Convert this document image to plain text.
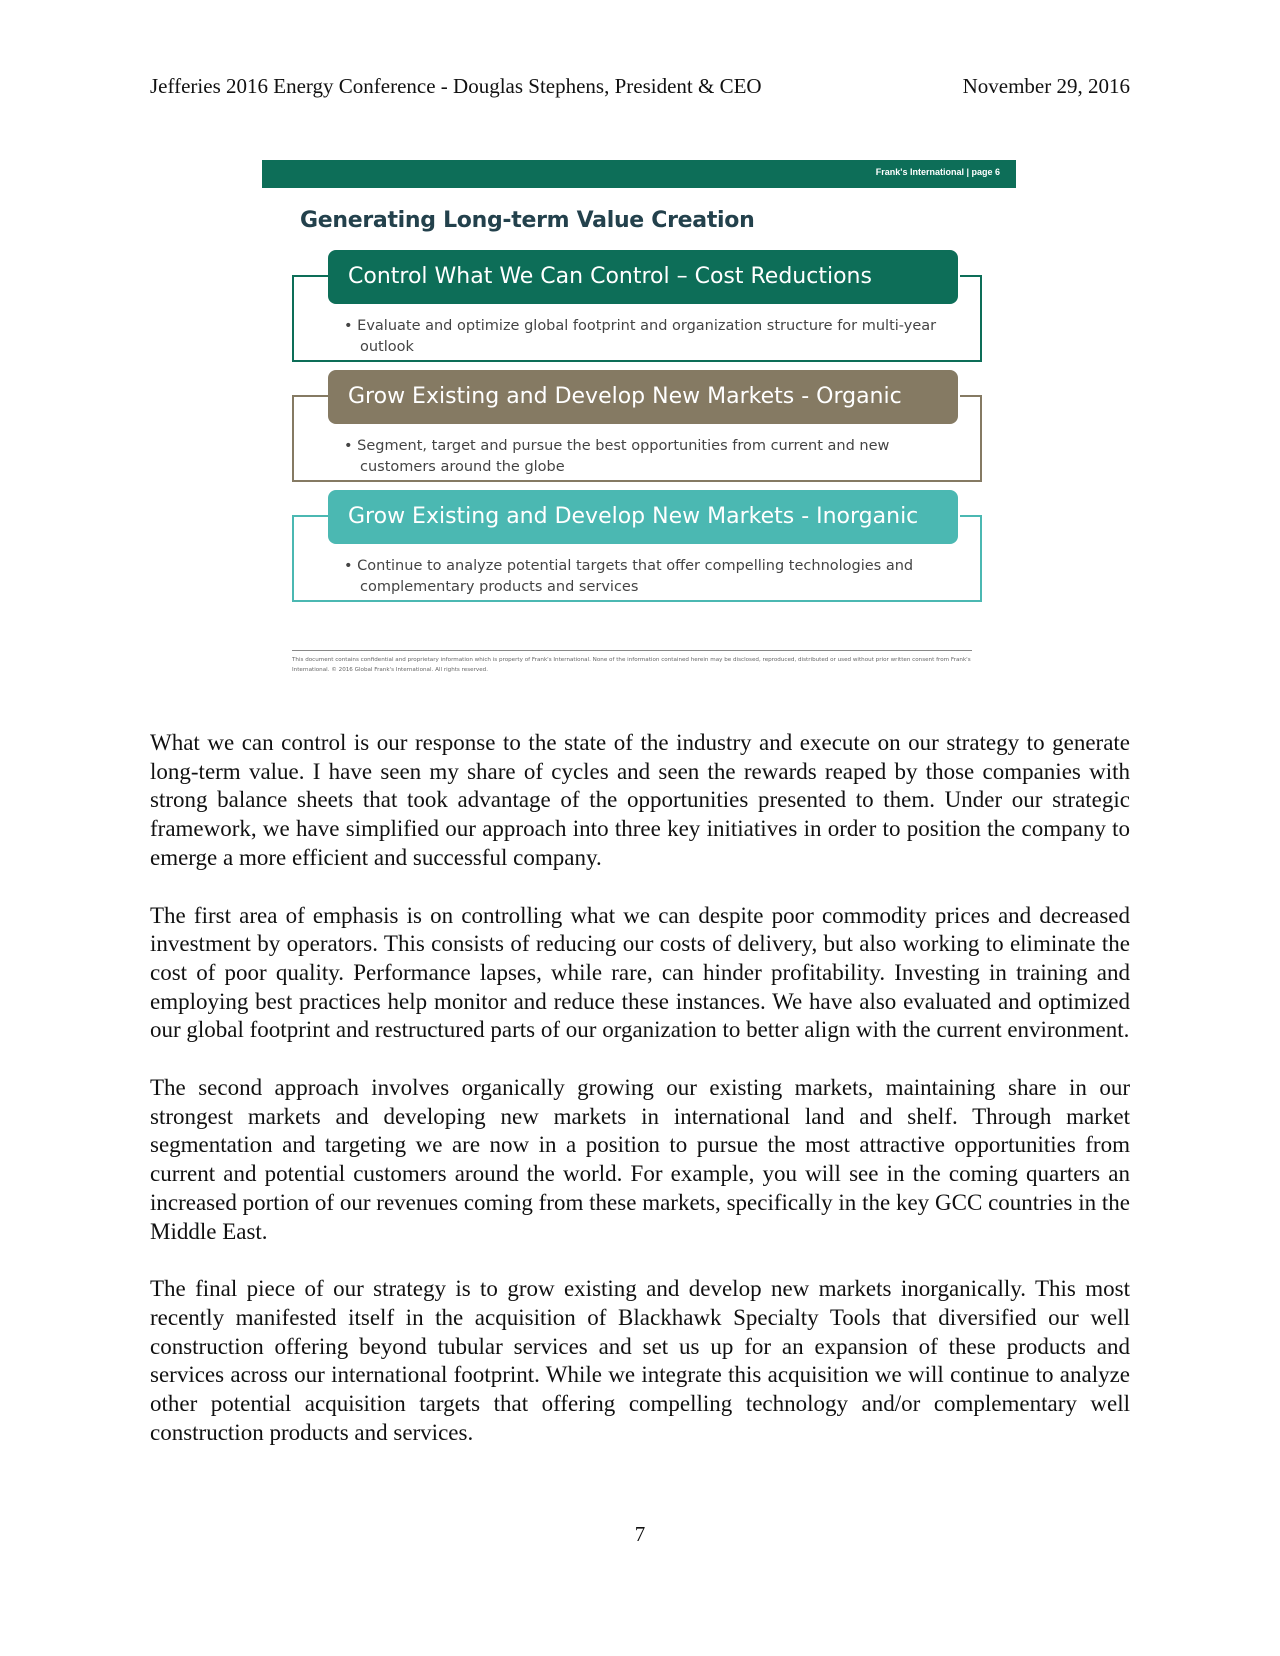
Jefferies 2016 Energy Conference - Douglas Stephens, President & CEO	November 29, 2016
Frank's International | page 6
Generating Long-term Value Creation
Control What We Can Control – Cost Reductions
• Evaluate and optimize global footprint and organization structure for multi-year outlook
Grow Existing and Develop New Markets - Organic
• Segment, target and pursue the best opportunities from current and new customers around the globe
Grow Existing and Develop New Markets - Inorganic
• Continue to analyze potential targets that offer compelling technologies and complementary products and services
This document contains confidential and proprietary information which is property of Frank's International. None of the information contained herein may be disclosed, reproduced, distributed or used without prior written consent from Frank's International. © 2016 Global Frank's International. All rights reserved.

What we can control is our response to the state of the industry and execute on our strategy to generate long-term value. I have seen my share of cycles and seen the rewards reaped by those companies with strong balance sheets that took advantage of the opportunities presented to them. Under our strategic framework, we have simplified our approach into three key initiatives in order to position the company to emerge a more efficient and successful company.

The first area of emphasis is on controlling what we can despite poor commodity prices and decreased investment by operators. This consists of reducing our costs of delivery, but also working to eliminate the cost of poor quality. Performance lapses, while rare, can hinder profitability. Investing in training and employing best practices help monitor and reduce these instances. We have also evaluated and optimized our global footprint and restructured parts of our organization to better align with the current environment.

The second approach involves organically growing our existing markets, maintaining share in our strongest markets and developing new markets in international land and shelf. Through market segmentation and targeting we are now in a position to pursue the most attractive opportunities from current and potential customers around the world. For example, you will see in the coming quarters an increased portion of our revenues coming from these markets, specifically in the key GCC countries in the Middle East.

The final piece of our strategy is to grow existing and develop new markets inorganically. This most recently manifested itself in the acquisition of Blackhawk Specialty Tools that diversified our well construction offering beyond tubular services and set us up for an expansion of these products and services across our international footprint. While we integrate this acquisition we will continue to analyze other potential acquisition targets that offering compelling technology and/or complementary well construction products and services.

7
